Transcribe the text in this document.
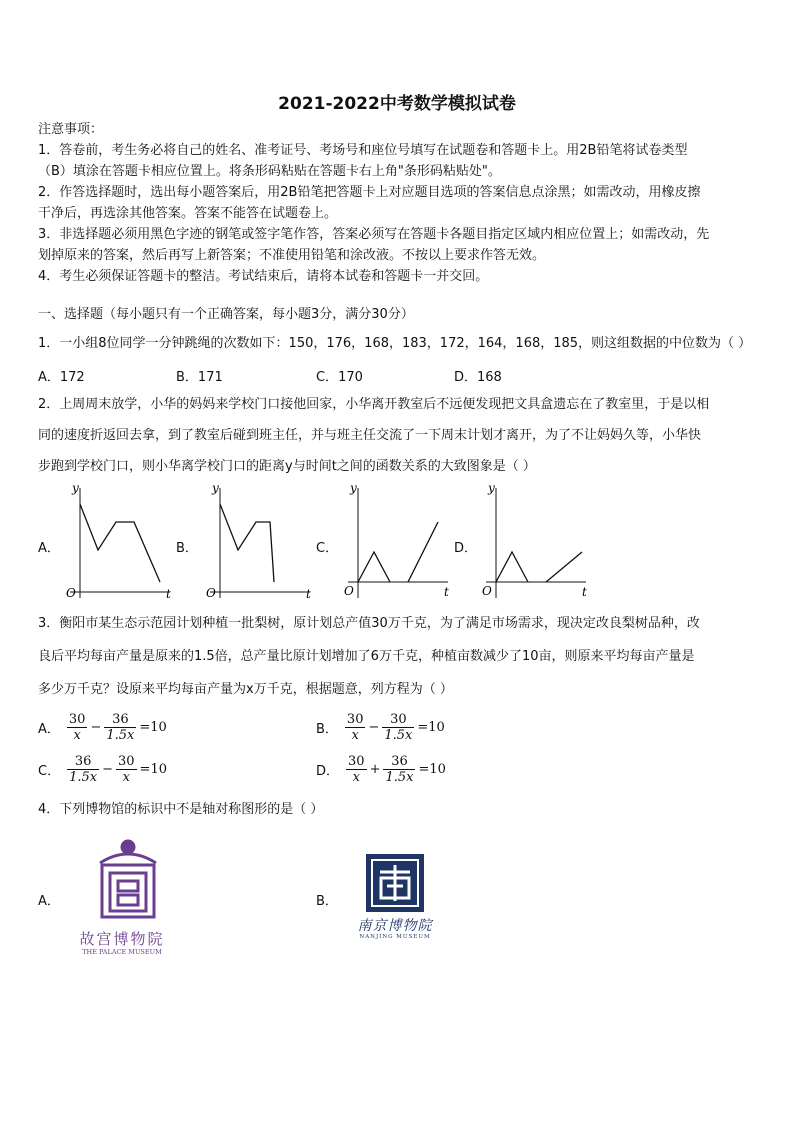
2021-2022中考数学模拟试卷
注意事项：
1．答卷前，考生务必将自己的姓名、准考证号、考场号和座位号填写在试题卷和答题卡上。用2B铅笔将试卷类型
（B）填涂在答题卡相应位置上。将条形码粘贴在答题卡右上角"条形码粘贴处"。
2．作答选择题时，选出每小题答案后，用2B铅笔把答题卡上对应题目选项的答案信息点涂黑；如需改动，用橡皮擦
干净后，再选涂其他答案。答案不能答在试题卷上。
3．非选择题必须用黑色字迹的钢笔或签字笔作答，答案必须写在答题卡各题目指定区域内相应位置上；如需改动，先
划掉原来的答案，然后再写上新答案；不准使用铅笔和涂改液。不按以上要求作答无效。
4．考生必须保证答题卡的整洁。考试结束后，请将本试卷和答题卡一并交回。
一、选择题（每小题只有一个正确答案，每小题3分，满分30分）
1．一小组8位同学一分钟跳绳的次数如下：150，176，168，183，172，164，168，185，则这组数据的中位数为（ ）
A．172	B．171	C．170	D．168
2．上周周末放学，小华的妈妈来学校门口接他回家，小华离开教室后不远便发现把文具盒遗忘在了教室里，于是以相
同的速度折返回去拿，到了教室后碰到班主任，并与班主任交流了一下周末计划才离开，为了不让妈妈久等，小华快
步跑到学校门口，则小华离学校门口的距离y与时间t之间的函数关系的大致图象是（ ）
A．
y
t
O
B．
y
t
O
C．
y
t
O
D．
y
t
O
3．衡阳市某生态示范园计划种植一批梨树，原计划总产值30万千克，为了满足市场需求，现决定改良梨树品种，改
良后平均每亩产量是原来的1.5倍，总产量比原计划增加了6万千克，种植亩数减少了10亩，则原来平均每亩产量是
多少万千克？设原来平均每亩产量为x万千克，根据题意，列方程为（ ）
A． $\frac{30}{x} - \frac{36}{1.5x} =10$	B． $\frac{30}{x} - \frac{30}{1.5x} =10$
C． $\frac{36}{1.5x} - \frac{30}{x} =10$	D． $\frac{30}{x} + \frac{36}{1.5x} =10$
4．下列博物馆的标识中不是轴对称图形的是（ ）
A．
故宫博物院
THE PALACE MUSEUM
B．
南京博物院
NANJING MUSEUM
